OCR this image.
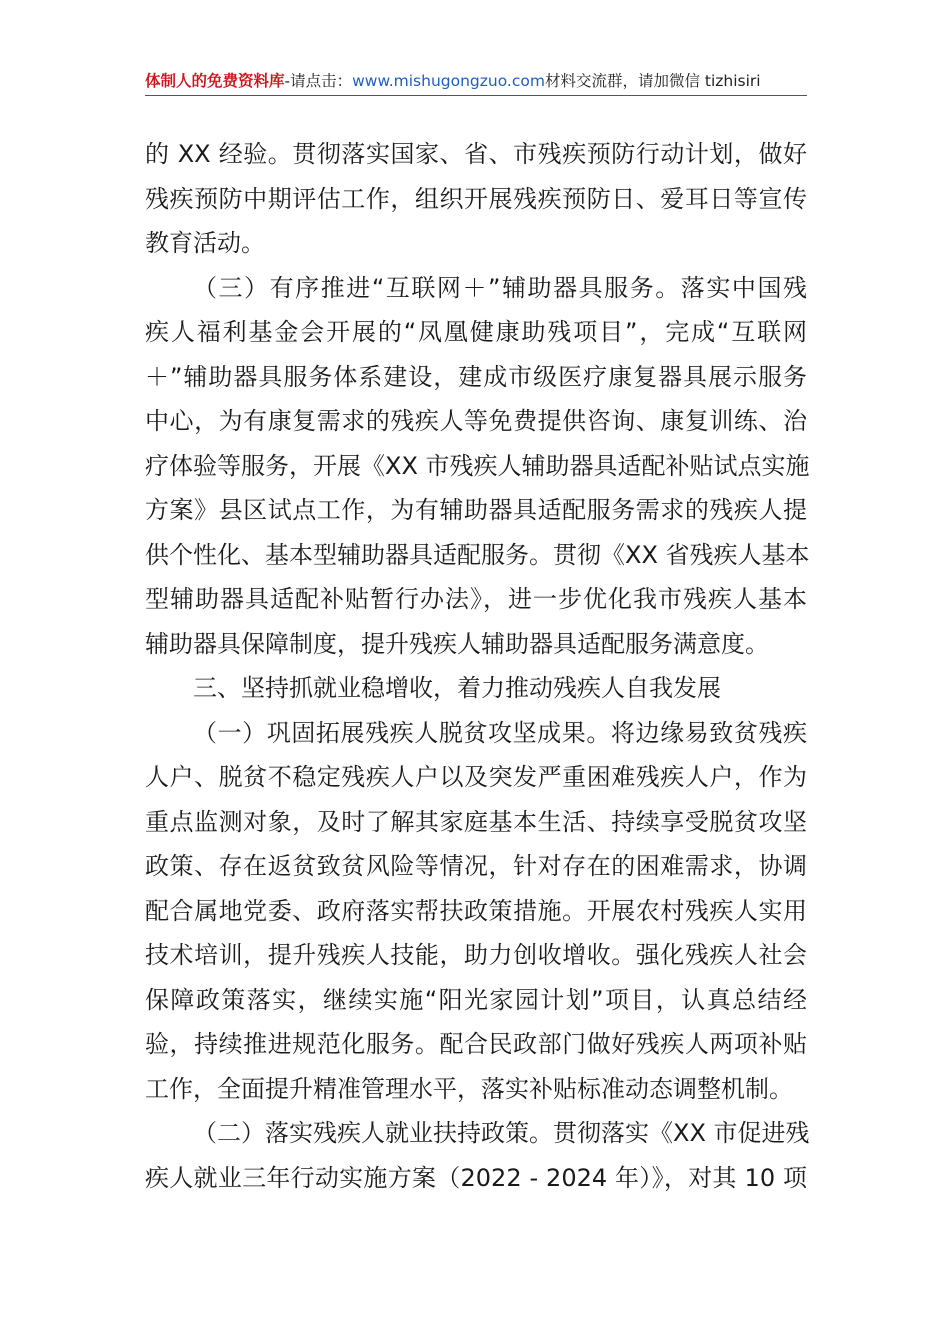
体制人的免费资料库-请点击：www.mishugongzuo.com材料交流群，请加微信 tizhisiri
的 XX 经验。贯彻落实国家、省、市残疾预防行动计划，做好
残疾预防中期评估工作，组织开展残疾预防日、爱耳日等宣传
教育活动。
（三）有序推进“互联网＋”辅助器具服务。落实中国残
疾人福利基金会开展的“凤凰健康助残项目”，完成“互联网
＋”辅助器具服务体系建设，建成市级医疗康复器具展示服务
中心，为有康复需求的残疾人等免费提供咨询、康复训练、治
疗体验等服务，开展《XX 市残疾人辅助器具适配补贴试点实施
方案》县区试点工作，为有辅助器具适配服务需求的残疾人提
供个性化、基本型辅助器具适配服务。贯彻《XX 省残疾人基本
型辅助器具适配补贴暂行办法》，进一步优化我市残疾人基本
辅助器具保障制度，提升残疾人辅助器具适配服务满意度。
三、坚持抓就业稳增收，着力推动残疾人自我发展
（一）巩固拓展残疾人脱贫攻坚成果。将边缘易致贫残疾
人户、脱贫不稳定残疾人户以及突发严重困难残疾人户，作为
重点监测对象，及时了解其家庭基本生活、持续享受脱贫攻坚
政策、存在返贫致贫风险等情况，针对存在的困难需求，协调
配合属地党委、政府落实帮扶政策措施。开展农村残疾人实用
技术培训，提升残疾人技能，助力创收增收。强化残疾人社会
保障政策落实，继续实施“阳光家园计划”项目，认真总结经
验，持续推进规范化服务。配合民政部门做好残疾人两项补贴
工作，全面提升精准管理水平，落实补贴标准动态调整机制。
（二）落实残疾人就业扶持政策。贯彻落实《XX 市促进残
疾人就业三年行动实施方案（2022 - 2024 年）》，对其 10 项
